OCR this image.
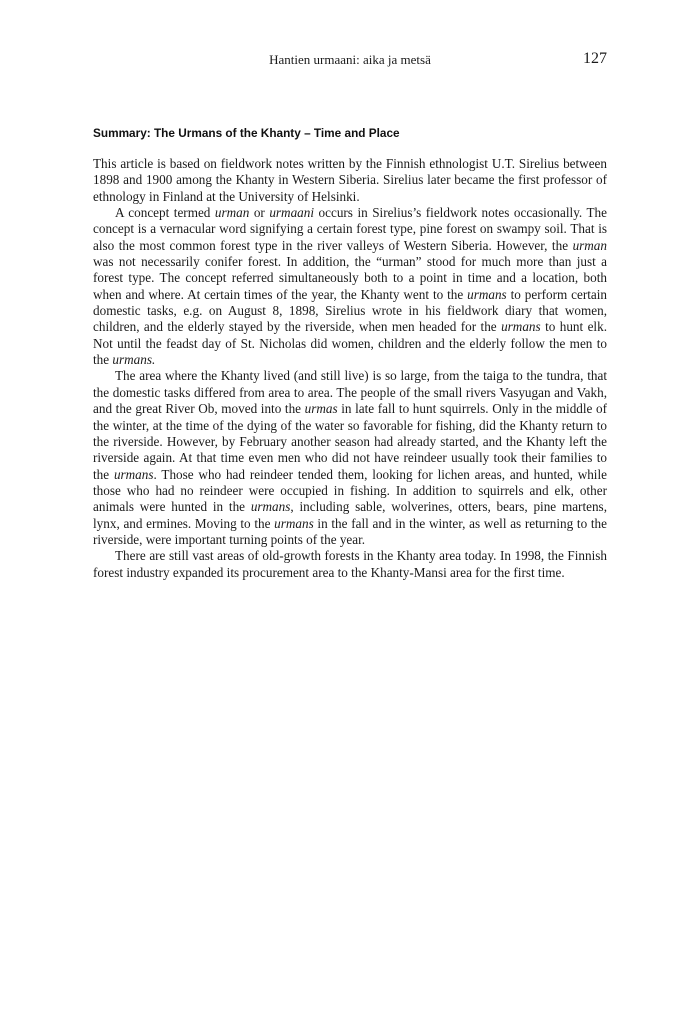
Hantien urmaani: aika ja metsä	127
Summary: The Urmans of the Khanty – Time and Place

This article is based on fieldwork notes written by the Finnish ethnologist U.T. Sirelius between 1898 and 1900 among the Khanty in Western Siberia. Sirelius later became the first professor of ethnology in Finland at the University of Helsinki.

A concept termed urman or urmaani occurs in Sirelius’s fieldwork notes occasionally. The concept is a vernacular word signifying a certain forest type, pine forest on swampy soil. That is also the most common forest type in the river valleys of Western Siberia. However, the urman was not necessarily conifer forest. In addition, the “urman” stood for much more than just a forest type. The concept referred simultaneously both to a point in time and a location, both when and where. At certain times of the year, the Khanty went to the urmans to perform certain domestic tasks, e.g. on August 8, 1898, Sirelius wrote in his fieldwork diary that women, children, and the elderly stayed by the riverside, when men headed for the urmans to hunt elk. Not until the feadst day of St. Nicholas did women, children and the elderly follow the men to the urmans.

The area where the Khanty lived (and still live) is so large, from the taiga to the tundra, that the domestic tasks differed from area to area. The people of the small rivers Vasyugan and Vakh, and the great River Ob, moved into the urmas in late fall to hunt squirrels. Only in the middle of the winter, at the time of the dying of the water so favorable for fishing, did the Khanty return to the riverside. However, by February another season had already started, and the Khanty left the riverside again. At that time even men who did not have reindeer usually took their families to the urmans. Those who had reindeer tended them, looking for lichen areas, and hunted, while those who had no reindeer were occupied in fishing. In addition to squirrels and elk, other animals were hunted in the urmans, including sable, wolverines, otters, bears, pine martens, lynx, and ermines. Moving to the urmans in the fall and in the winter, as well as returning to the riverside, were important turning points of the year.

There are still vast areas of old-growth forests in the Khanty area today. In 1998, the Finnish forest industry expanded its procurement area to the Khanty-Mansi area for the first time.
